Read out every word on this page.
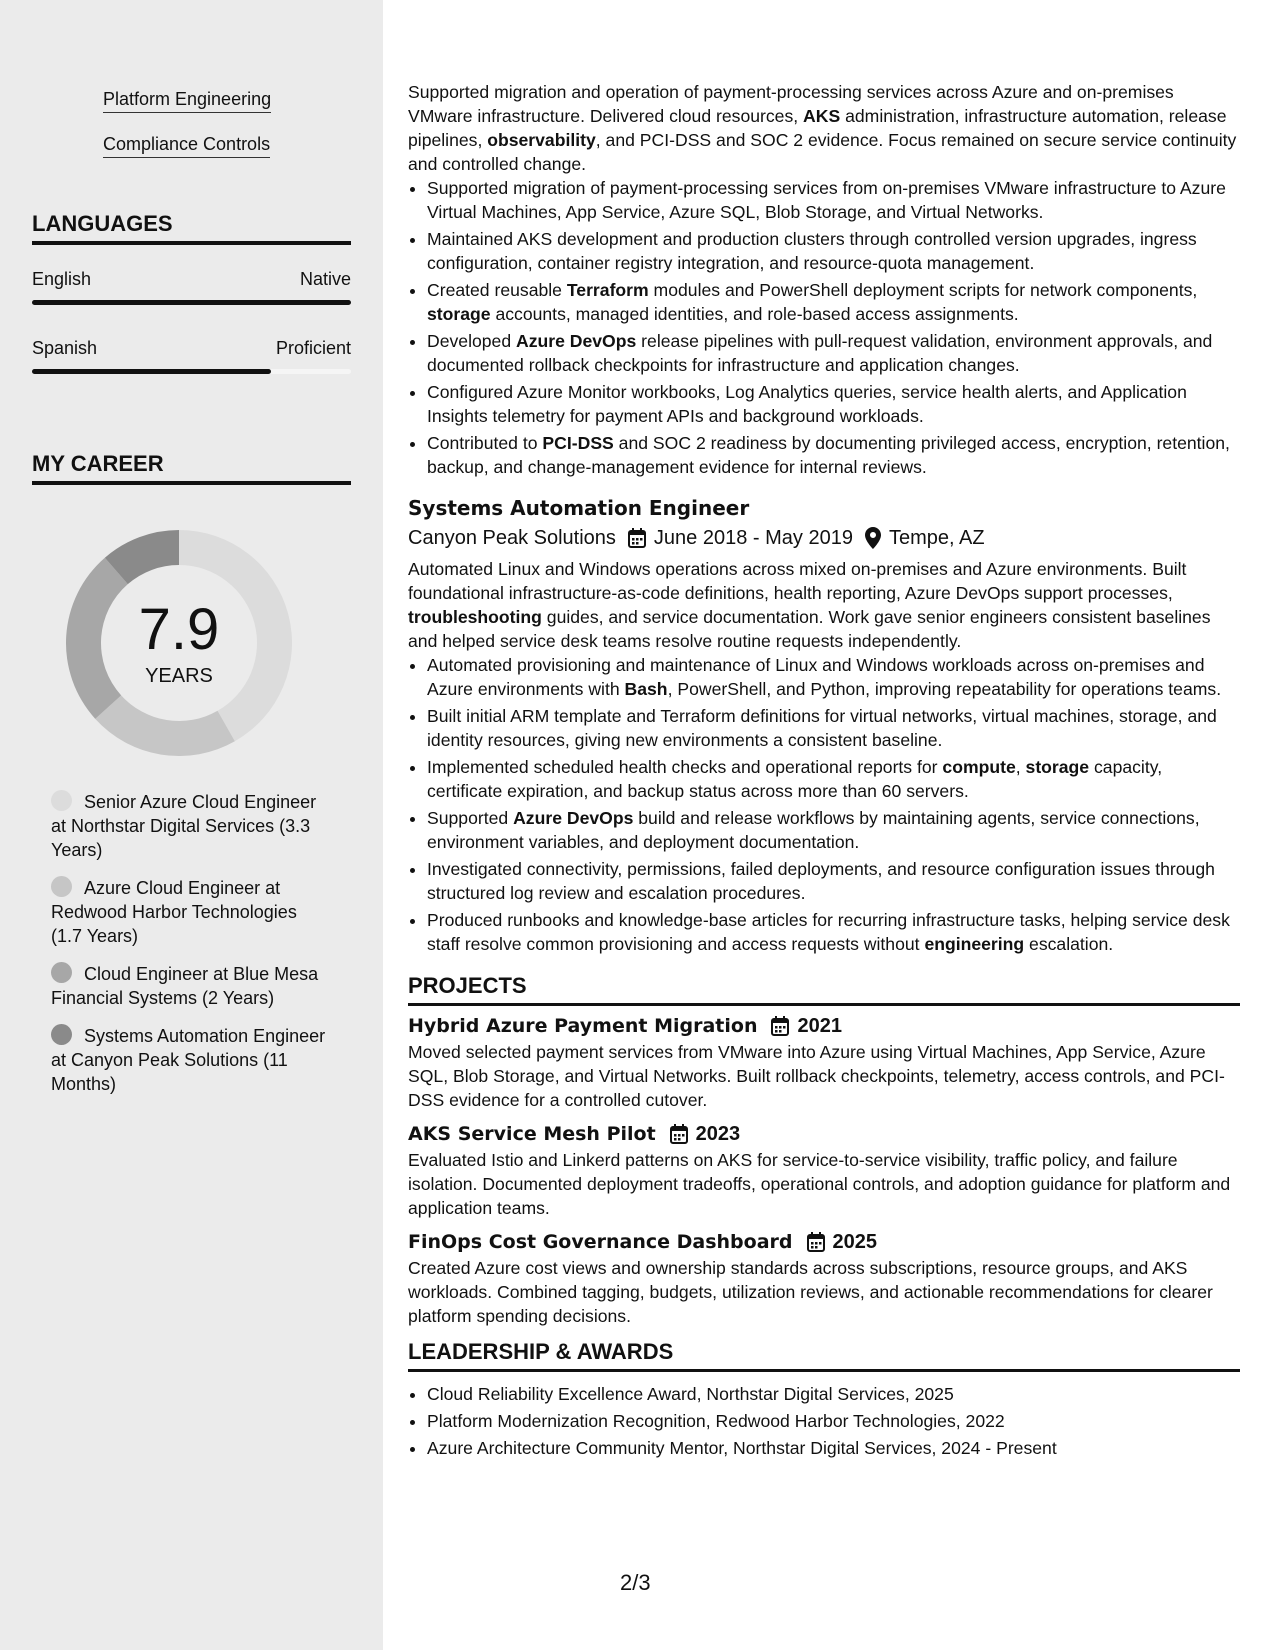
Platform Engineering
Compliance Controls
LANGUAGES
English	Native
Spanish	Proficient
MY CAREER
7.9
YEARS
Senior Azure Cloud Engineer at Northstar Digital Services (3.3 Years)
Azure Cloud Engineer at Redwood Harbor Technologies (1.7 Years)
Cloud Engineer at Blue Mesa Financial Systems (2 Years)
Systems Automation Engineer at Canyon Peak Solutions (11 Months)

Supported migration and operation of payment-processing services across Azure and on-premises VMware infrastructure. Delivered cloud resources, AKS administration, infrastructure automation, release pipelines, observability, and PCI-DSS and SOC 2 evidence. Focus remained on secure service continuity and controlled change.

• Supported migration of payment-processing services from on-premises VMware infrastructure to Azure Virtual Machines, App Service, Azure SQL, Blob Storage, and Virtual Networks.
• Maintained AKS development and production clusters through controlled version upgrades, ingress configuration, container registry integration, and resource-quota management.
• Created reusable Terraform modules and PowerShell deployment scripts for network components, storage accounts, managed identities, and role-based access assignments.
• Developed Azure DevOps release pipelines with pull-request validation, environment approvals, and documented rollback checkpoints for infrastructure and application changes.
• Configured Azure Monitor workbooks, Log Analytics queries, service health alerts, and Application Insights telemetry for payment APIs and background workloads.
• Contributed to PCI-DSS and SOC 2 readiness by documenting privileged access, encryption, retention, backup, and change-management evidence for internal reviews.
Systems Automation Engineer
Canyon Peak Solutions June 2018 - May 2019 Tempe, AZ

Automated Linux and Windows operations across mixed on-premises and Azure environments. Built foundational infrastructure-as-code definitions, health reporting, Azure DevOps support processes, troubleshooting guides, and service documentation. Work gave senior engineers consistent baselines and helped service desk teams resolve routine requests independently.

• Automated provisioning and maintenance of Linux and Windows workloads across on-premises and Azure environments with Bash, PowerShell, and Python, improving repeatability for operations teams.
• Built initial ARM template and Terraform definitions for virtual networks, virtual machines, storage, and identity resources, giving new environments a consistent baseline.
• Implemented scheduled health checks and operational reports for compute, storage capacity, certificate expiration, and backup status across more than 60 servers.
• Supported Azure DevOps build and release workflows by maintaining agents, service connections, environment variables, and deployment documentation.
• Investigated connectivity, permissions, failed deployments, and resource configuration issues through structured log review and escalation procedures.
• Produced runbooks and knowledge-base articles for recurring infrastructure tasks, helping service desk staff resolve common provisioning and access requests without engineering escalation.
PROJECTS
Hybrid Azure Payment Migration 2021

Moved selected payment services from VMware into Azure using Virtual Machines, App Service, Azure SQL, Blob Storage, and Virtual Networks. Built rollback checkpoints, telemetry, access controls, and PCI-DSS evidence for a controlled cutover.

AKS Service Mesh Pilot 2023

Evaluated Istio and Linkerd patterns on AKS for service-to-service visibility, traffic policy, and failure isolation. Documented deployment tradeoffs, operational controls, and adoption guidance for platform and application teams.

FinOps Cost Governance Dashboard 2025

Created Azure cost views and ownership standards across subscriptions, resource groups, and AKS workloads. Combined tagging, budgets, utilization reviews, and actionable recommendations for clearer platform spending decisions.

LEADERSHIP & AWARDS
• Cloud Reliability Excellence Award, Northstar Digital Services, 2025
• Platform Modernization Recognition, Redwood Harbor Technologies, 2022
• Azure Architecture Community Mentor, Northstar Digital Services, 2024 - Present
2/3
